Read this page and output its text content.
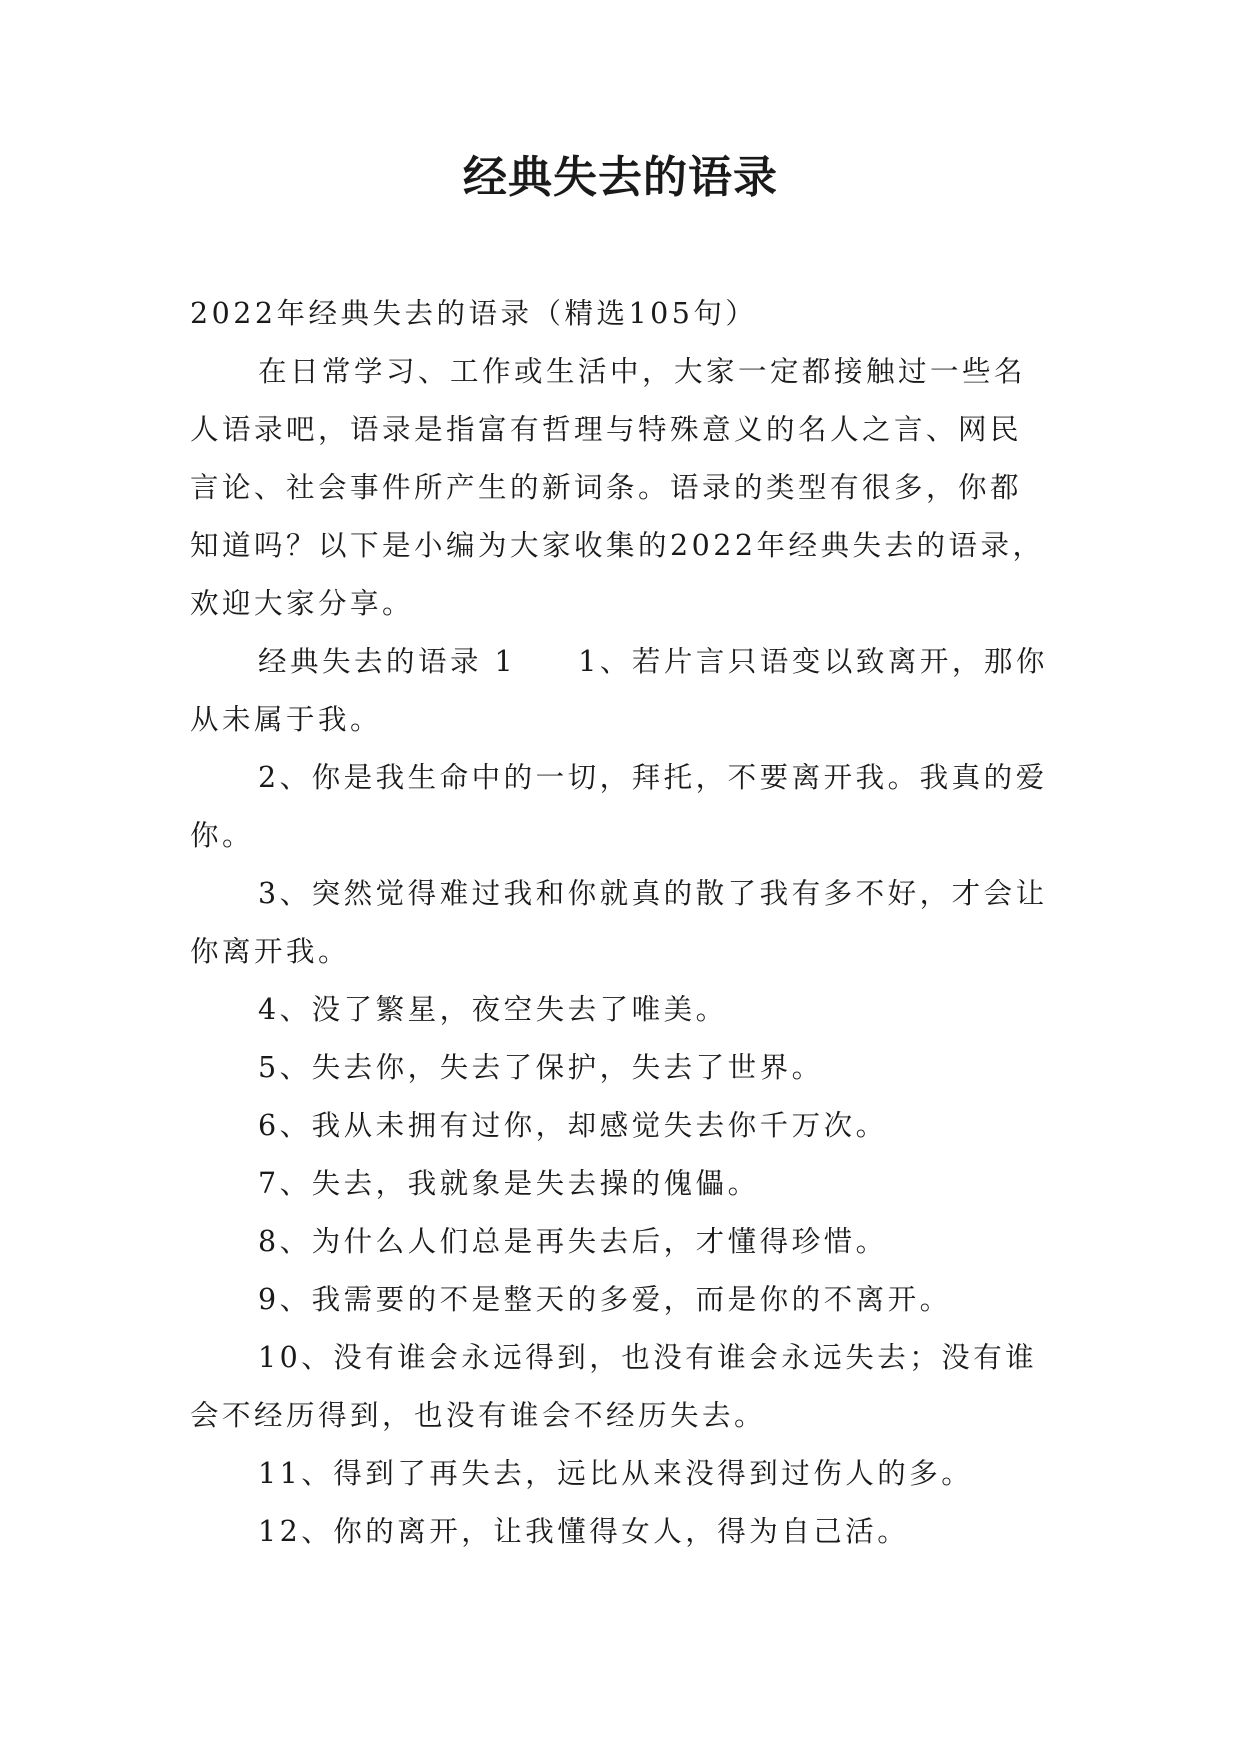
经典失去的语录

2022年经典失去的语录（精选105句）

在日常学习、工作或生活中，大家一定都接触过一些名人语录吧，语录是指富有哲理与特殊意义的名人之言、网民言论、社会事件所产生的新词条。语录的类型有很多，你都知道吗？以下是小编为大家收集的2022年经典失去的语录，欢迎大家分享。

经典失去的语录 1 1、若片言只语变以致离开，那你从未属于我。

2、你是我生命中的一切，拜托，不要离开我。我真的爱你。

3、突然觉得难过我和你就真的散了我有多不好，才会让你离开我。

4、没了繁星，夜空失去了唯美。

5、失去你，失去了保护，失去了世界。

6、我从未拥有过你，却感觉失去你千万次。

7、失去，我就象是失去操的傀儡。

8、为什么人们总是再失去后，才懂得珍惜。

9、我需要的不是整天的多爱，而是你的不离开。

10、没有谁会永远得到，也没有谁会永远失去；没有谁会不经历得到，也没有谁会不经历失去。

11、得到了再失去，远比从来没得到过伤人的多。

12、你的离开，让我懂得女人，得为自己活。
